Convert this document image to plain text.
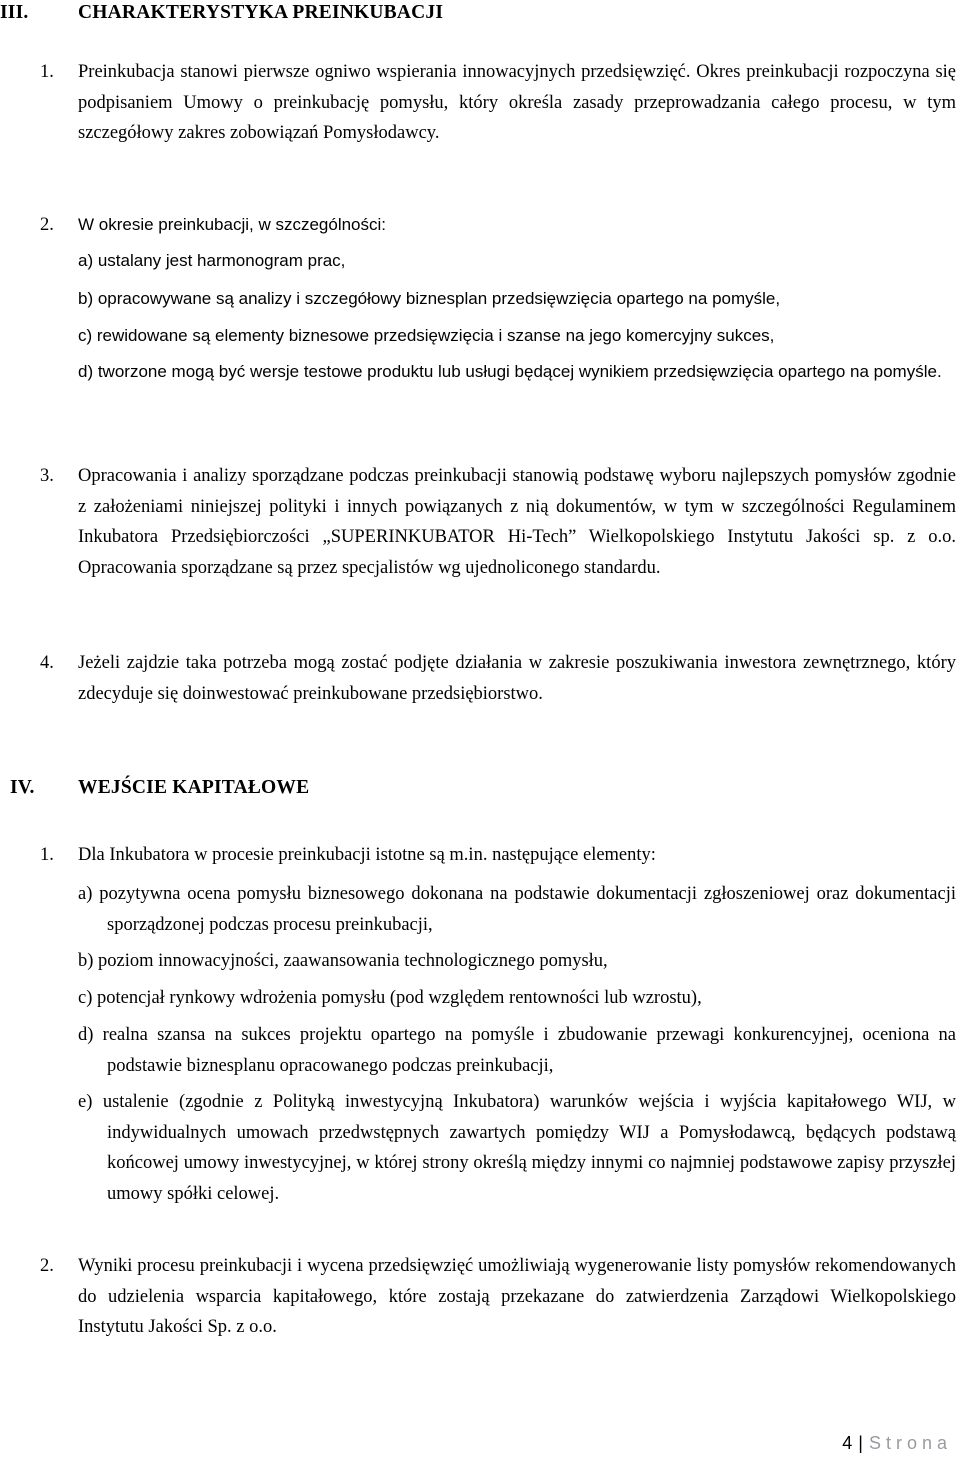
III.	CHARAKTERYSTYKA PREINKUBACJI
1. Preinkubacja stanowi pierwsze ogniwo wspierania innowacyjnych przedsięwzięć. Okres preinkubacji rozpoczyna się podpisaniem Umowy o preinkubację pomysłu, który określa zasady przeprowadzania całego procesu, w tym szczegółowy zakres zobowiązań Pomysłodawcy.
2. W okresie preinkubacji, w szczególności:
a) ustalany jest harmonogram prac,
b) opracowywane są analizy i szczegółowy biznesplan przedsięwzięcia opartego na pomyśle,
c) rewidowane są elementy biznesowe przedsięwzięcia i szanse na jego komercyjny sukces,
d) tworzone mogą być wersje testowe produktu lub usługi będącej wynikiem przedsięwzięcia opartego na pomyśle.
3. Opracowania i analizy sporządzane podczas preinkubacji stanowią podstawę wyboru najlepszych pomysłów zgodnie z założeniami niniejszej polityki i innych powiązanych z nią dokumentów, w tym w szczególności Regulaminem Inkubatora Przedsiębiorczości „SUPERINKUBATOR Hi-Tech” Wielkopolskiego Instytutu Jakości sp. z o.o. Opracowania sporządzane są przez specjalistów wg ujednoliconego standardu.
4. Jeżeli zajdzie taka potrzeba mogą zostać podjęte działania w zakresie poszukiwania inwestora zewnętrznego, który zdecyduje się doinwestować preinkubowane przedsiębiorstwo.
IV. WEJŚCIE KAPITAŁOWE
1. Dla Inkubatora w procesie preinkubacji istotne są m.in. następujące elementy:
a) pozytywna ocena pomysłu biznesowego dokonana na podstawie dokumentacji zgłoszeniowej oraz dokumentacji sporządzonej podczas procesu preinkubacji,
b) poziom innowacyjności, zaawansowania technologicznego pomysłu,
c) potencjał rynkowy wdrożenia pomysłu (pod względem rentowności lub wzrostu),
d) realna szansa na sukces projektu opartego na pomyśle i zbudowanie przewagi konkurencyjnej, oceniona na podstawie biznesplanu opracowanego podczas preinkubacji,
e) ustalenie (zgodnie z Polityką inwestycyjną Inkubatora) warunków wejścia i wyjścia kapitałowego WIJ, w indywidualnych umowach przedwstępnych zawartych pomiędzy WIJ a Pomysłodawcą, będących podstawą końcowej umowy inwestycyjnej, w której strony określą między innymi co najmniej podstawowe zapisy przyszłej umowy spółki celowej.
2. Wyniki procesu preinkubacji i wycena przedsięwzięć umożliwiają wygenerowanie listy pomysłów rekomendowanych do udzielenia wsparcia kapitałowego, które zostają przekazane do zatwierdzenia Zarządowi Wielkopolskiego Instytutu Jakości Sp. z o.o.
4 | Strona
